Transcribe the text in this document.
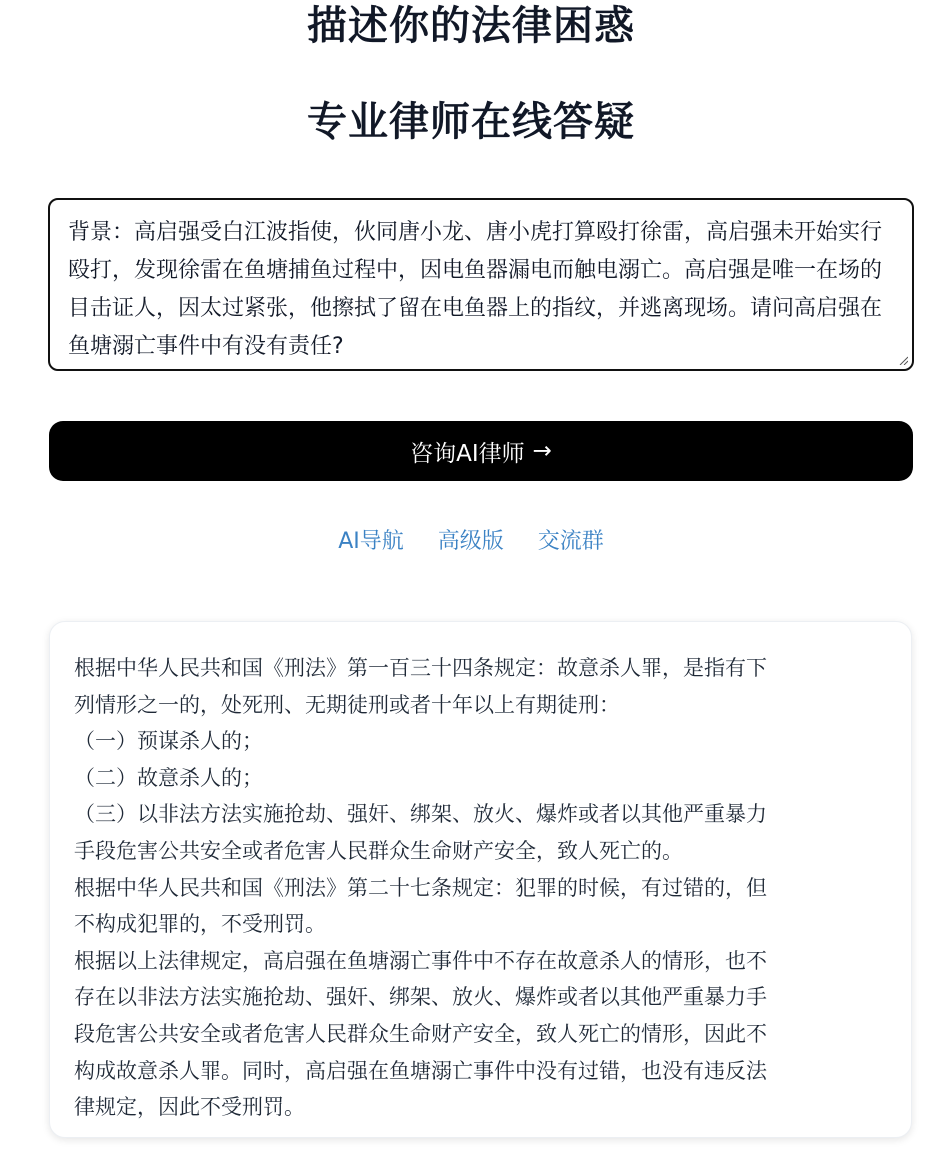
描述你的法律困惑
专业律师在线答疑
背景：高启强受白江波指使，伙同唐小龙、唐小虎打算殴打徐雷，高启强未开始实行殴打，发现徐雷在鱼塘捕鱼过程中，因电鱼器漏电而触电溺亡。高启强是唯一在场的目击证人，因太过紧张，他擦拭了留在电鱼器上的指纹，并逃离现场。请问高启强在鱼塘溺亡事件中有没有责任?
咨询AI律师 →
AI导航 高级版 交流群
根据中华人民共和国《刑法》第一百三十四条规定：故意杀人罪，是指有下
列情形之一的，处死刑、无期徒刑或者十年以上有期徒刑：
（一）预谋杀人的；
（二）故意杀人的；
（三）以非法方法实施抢劫、强奸、绑架、放火、爆炸或者以其他严重暴力
手段危害公共安全或者危害人民群众生命财产安全，致人死亡的。
根据中华人民共和国《刑法》第二十七条规定：犯罪的时候，有过错的，但
不构成犯罪的，不受刑罚。
根据以上法律规定，高启强在鱼塘溺亡事件中不存在故意杀人的情形，也不
存在以非法方法实施抢劫、强奸、绑架、放火、爆炸或者以其他严重暴力手
段危害公共安全或者危害人民群众生命财产安全，致人死亡的情形，因此不
构成故意杀人罪。同时，高启强在鱼塘溺亡事件中没有过错，也没有违反法
律规定，因此不受刑罚。
